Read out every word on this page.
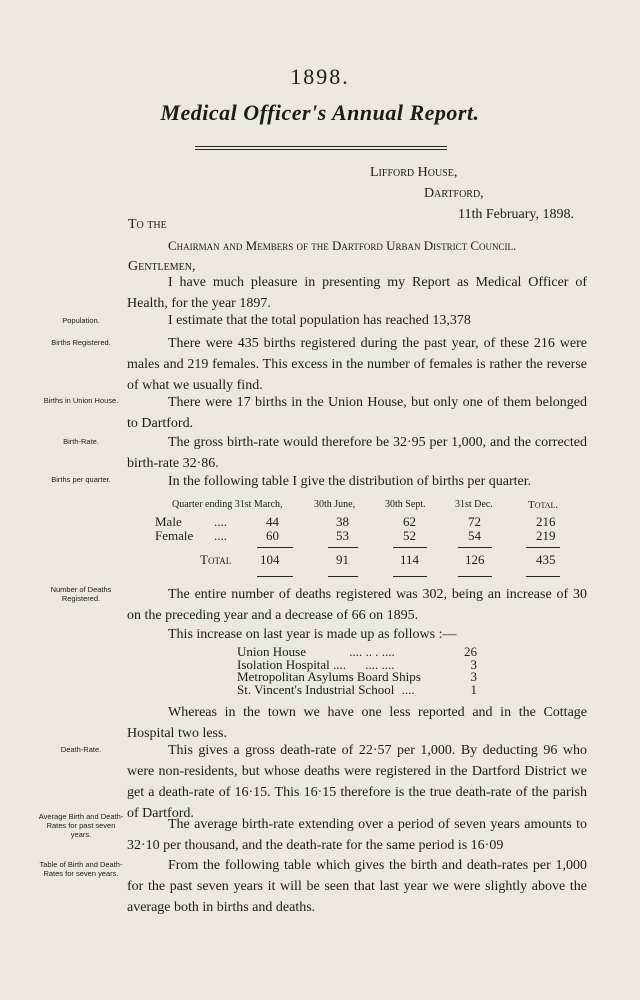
1898.
Medical Officer's Annual Report.
Lifford House,
Dartford,
11th February, 1898.
To the
Chairman and Members of the Dartford Urban District Council.
Gentlemen,
I have much pleasure in presenting my Report as Medical Officer of Health, for the year 1897.
Population.	I estimate that the total population has reached 13,378
Births Registered.	There were 435 births registered during the past year, of these 216 were males and 219 females. This excess in the number of females is rather the reverse of what we usually find.
Births in Union House.	There were 17 births in the Union House, but only one of them belonged to Dartford.
Birth-Rate.	The gross birth-rate would therefore be 32·95 per 1,000, and the corrected birth-rate 32·86.
Births per quarter.	In the following table I give the distribution of births per quarter.
Quarter ending 31st March,	30th June,	30th Sept.	31st Dec.	Total.
Male ....	44	38	62	72	216
Female ....	60	53	52	54	219
Total 104	91	114	126	435
Number of Deaths Registered.	The entire number of deaths registered was 302, being an increase of 30 on the preceding year and a decrease of 66 on 1895.
This increase on last year is made up as follows :—
Union House	.... .. . ....	26
Isolation Hospital .... .... ....	3
Metropolitan Asylums Board Ships	3
St. Vincent's Industrial School ....	1
Whereas in the town we have one less reported and in the Cottage Hospital two less.
Death-Rate.	This gives a gross death-rate of 22·57 per 1,000. By deducting 96 who were non-residents, but whose deaths were registered in the Dartford District we get a death-rate of 16·15. This 16·15 therefore is the true death-rate of the parish of Dartford.
Average Birth and Death-Rates for past seven years.
The average birth-rate extending over a period of seven years amounts to 32·10 per thousand, and the death-rate for the same period is 16·09
Table of Birth and Death-Rates for seven years.
From the following table which gives the birth and death-rates per 1,000 for the past seven years it will be seen that last year we were slightly above the average both in births and deaths.
